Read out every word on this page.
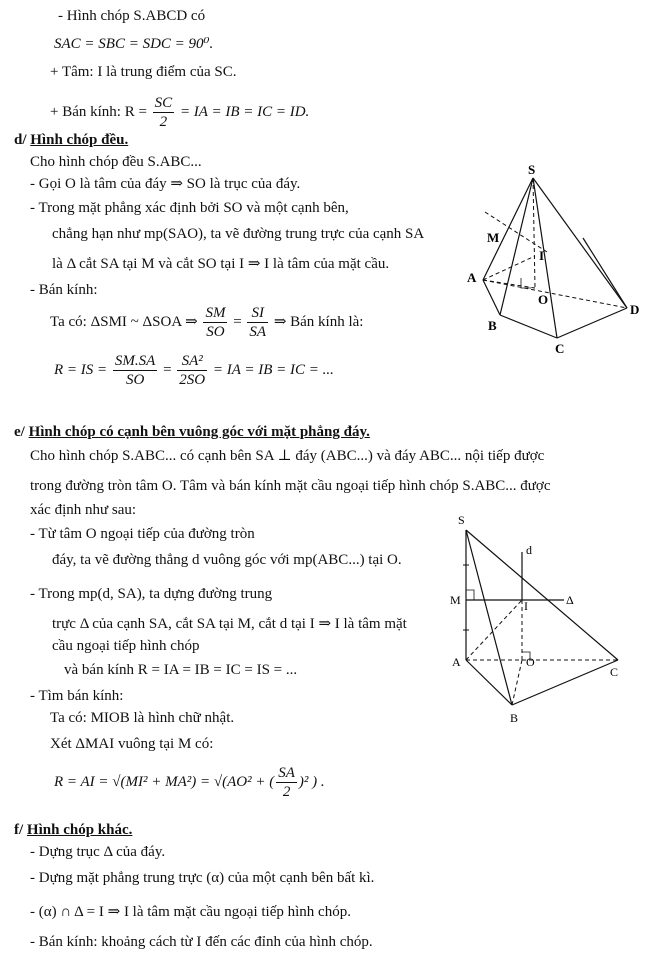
- Hình chóp S.ABCD có
SAC = SBC = SDC = 90⁰.
+ Tâm: I là trung điểm của SC.
+ Bán kính: $R = \frac{SC}{2}$ = IA = IB = IC = ID.
d/ Hình chóp đều.
Cho hình chóp đều S.ABC...
- Gọi O là tâm của đáy ⇒ SO là trục của đáy.
- Trong mặt phẳng xác định bởi SO và một cạnh bên,
chẳng hạn như mp(SAO), ta vẽ đường trung trực của cạnh SA
là Δ cắt SA tại M và cắt SO tại I ⇒ I là tâm của mặt cầu.
- Bán kính:
Ta có: ΔSMI ~ ΔSOA ⇒ $\frac{SM}{SO} = \frac{SI}{SA}$ ⇒ Bán kính là:
R = IS = $\frac{SM.SA}{SO} = \frac{\text{SA²}}{2SO}$ = IA = IB = IC = ...
S
M
I
A
O
D
B
C
e/ Hình chóp có cạnh bên vuông góc với mặt phẳng đáy.
Cho hình chóp S.ABC... có cạnh bên SA ⊥ đáy (ABC...) và đáy ABC... nội tiếp được
trong đường tròn tâm O. Tâm và bán kính mặt cầu ngoại tiếp hình chóp S.ABC... được
xác định như sau:
- Từ tâm O ngoại tiếp của đường tròn
đáy, ta vẽ đường thẳng d vuông góc với mp(ABC...) tại O.
- Trong mp(d, SA), ta dựng đường trung
trực Δ của cạnh SA, cắt SA tại M, cắt d tại I ⇒ I là tâm mặt
cầu ngoại tiếp hình chóp
và bán kính R = IA = IB = IC = IS = ...
- Tìm bán kính:
Ta có: MIOB là hình chữ nhật.
Xét ΔMAI vuông tại M có:
R = AI = √(MI² + MA²) = √(AO² + ( $\frac{SA}{2} )^2$ ) .
S
d
M	I	Δ
A	O
C
B
f/ Hình chóp khác.
- Dựng trục Δ của đáy.
- Dựng mặt phẳng trung trực (α) của một cạnh bên bất kì.
- (α) ∩ Δ = I ⇒ I là tâm mặt cầu ngoại tiếp hình chóp.
- Bán kính: khoảng cách từ I đến các đỉnh của hình chóp.
